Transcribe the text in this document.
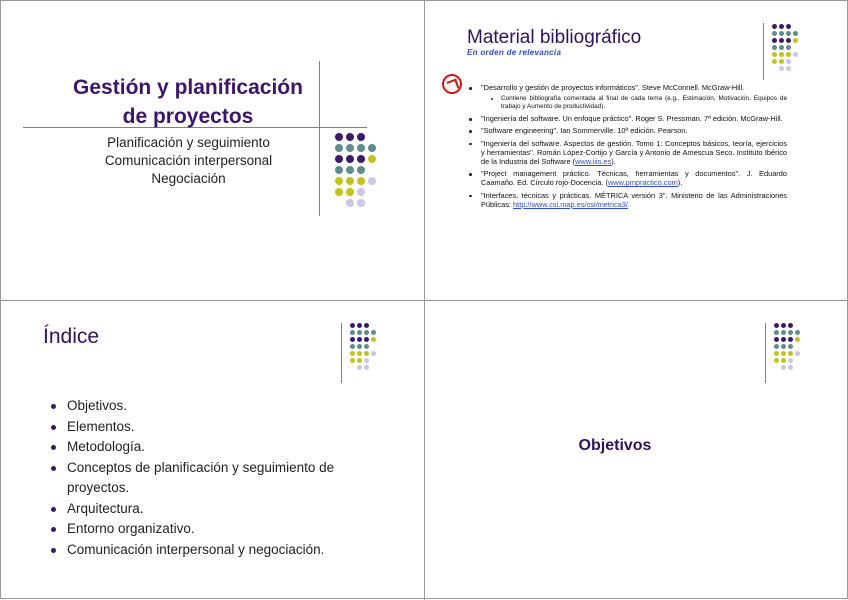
Gestión y planificación
de proyectos
Planificación y seguimiento
Comunicación interpersonal
Negociación
Material bibliográfico
En orden de relevancia
"Desarrollo y gestión de proyectos informáticos". Steve McConnell. McGraw-Hill.
Contiene bibliografía comentada al final de cada tema (e.g., Estimación, Motivación, Equipos de trabajo y Aumento de productividad).
"Ingeniería del software. Un enfoque práctico". Roger S. Pressman. 7ª edición. McGraw-Hill.
"Software engineering". Ian Sommerville. 10ª edición. Pearson.
"Ingeniería del software. Aspectos de gestión. Tomo 1: Conceptos básicos, teoría, ejercicios y herramientas". Román López-Cortijo y García y Antonio de Amescua Seco. Instituto Ibérico de la Industria del Software (www.iiis.es).
"Project management práctico. Técnicas, herramientas y documentos". J. Eduardo Caamaño. Ed. Círculo rojo-Docencia. (www.pmpractico.com).
"Interfaces, técnicas y prácticas. MÉTRICA versión 3". Ministerio de las Administraciones Públicas: http://www.csi.map.es/csi/metrica3/.
Índice
Objetivos.
Elementos.
Metodología.
Conceptos de planificación y seguimiento de proyectos.
Arquitectura.
Entorno organizativo.
Comunicación interpersonal y negociación.
Objetivos
